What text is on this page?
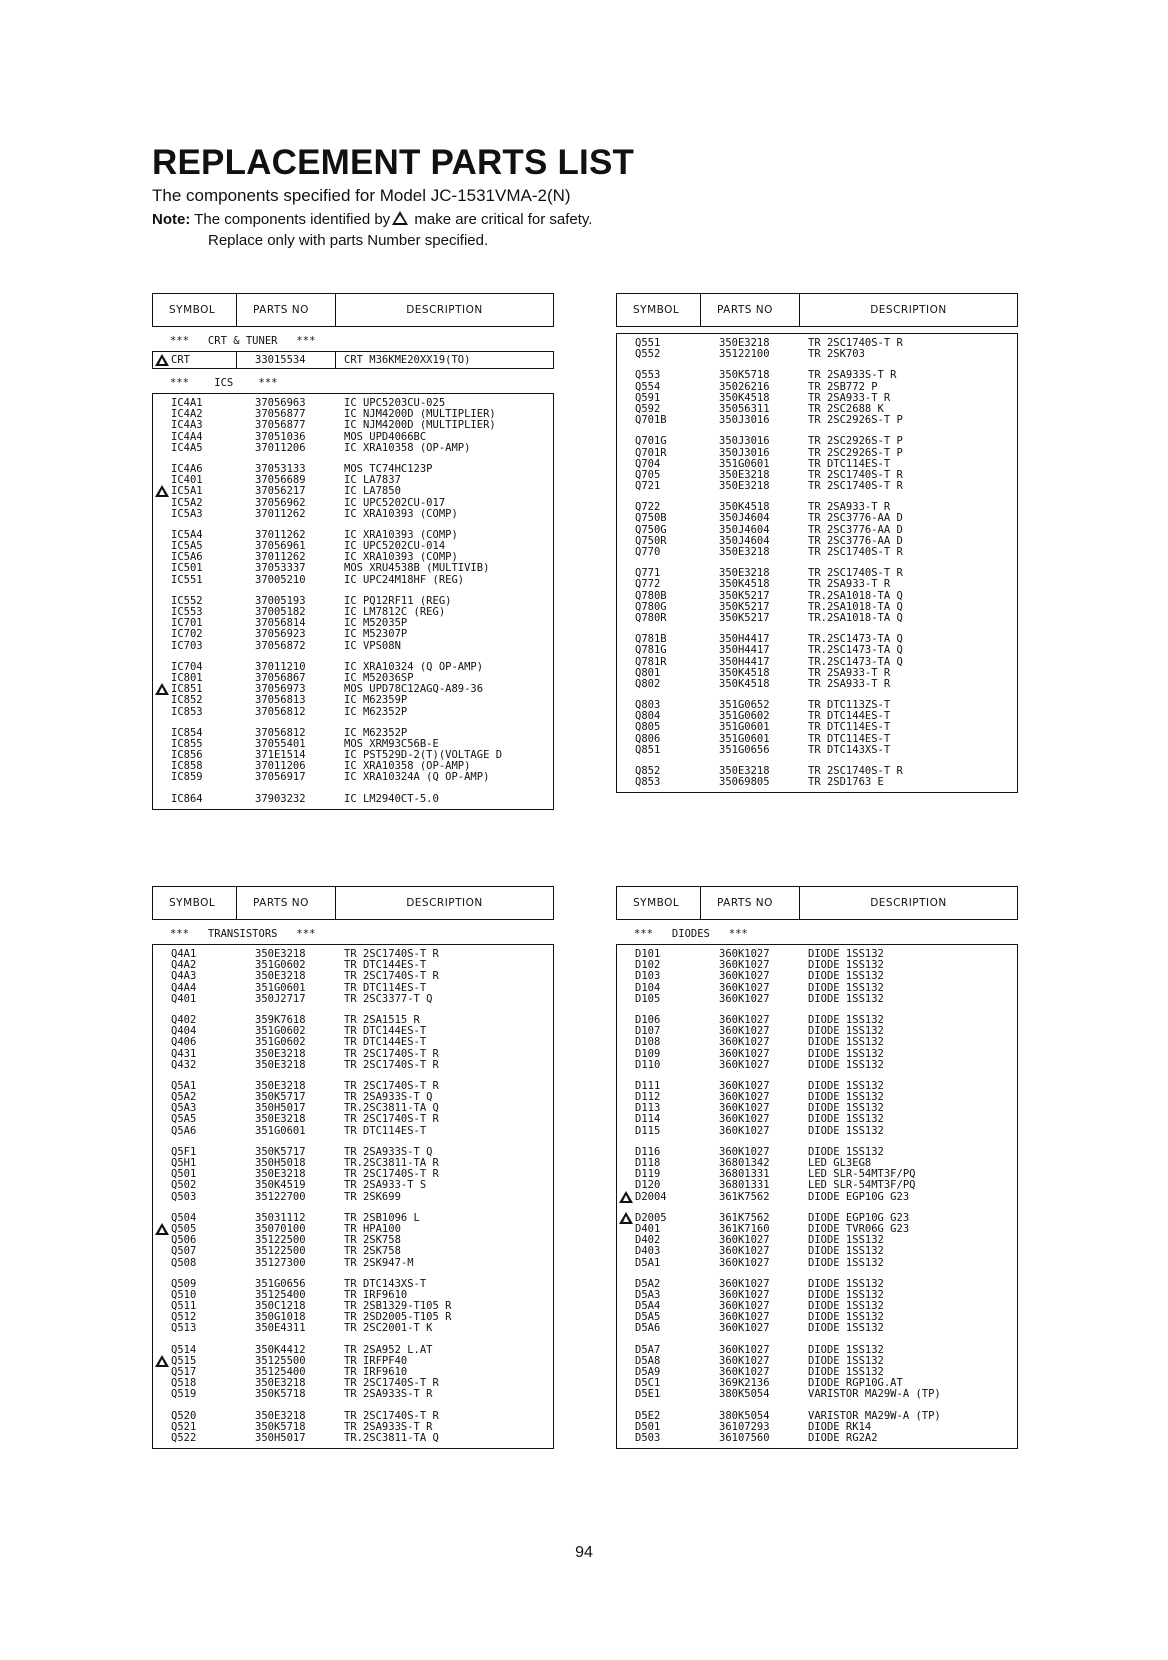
REPLACEMENT PARTS LIST
The components specified for Model JC-1531VMA-2(N)
Note: The components identified by make are critical for safety.
Replace only with parts Number specified.
SYMBOL	PARTS NO	DESCRIPTION
***   CRT & TUNER   ***
CRT	33015534	CRT M36KME20XX19(TO)
***    ICS    ***
IC4A1	37056963	IC UPC5203CU-025
IC4A2	37056877	IC NJM4200D (MULTIPLIER)
IC4A3	37056877	IC NJM4200D (MULTIPLIER)
IC4A4	37051036	MOS UPD4066BC
IC4A5	37011206	IC XRA10358 (OP-AMP)
IC4A6	37053133	MOS TC74HC123P
IC401	37056689	IC LA7837
IC5A1	37056217	IC LA7850
IC5A2	37056962	IC UPC5202CU-017
IC5A3	37011262	IC XRA10393 (COMP)
IC5A4	37011262	IC XRA10393 (COMP)
IC5A5	37056961	IC UPC5202CU-014
IC5A6	37011262	IC XRA10393 (COMP)
IC501	37053337	MOS XRU4538B (MULTIVIB)
IC551	37005210	IC UPC24M18HF (REG)
IC552	37005193	IC PQ12RF11 (REG)
IC553	37005182	IC LM7812C (REG)
IC701	37056814	IC M52035P
IC702	37056923	IC M52307P
IC703	37056872	IC VPS08N
IC704	37011210	IC XRA10324 (Q OP-AMP)
IC801	37056867	IC M52036SP
IC851	37056973	MOS UPD78C12AGQ-A89-36
IC852	37056813	IC M62359P
IC853	37056812	IC M62352P
IC854	37056812	IC M62352P
IC855	37055401	MOS XRM93C56B-E
IC856	371E1514	IC PST529D-2(T)(VOLTAGE D
IC858	37011206	IC XRA10358 (OP-AMP)
IC859	37056917	IC XRA10324A (Q OP-AMP)
IC864	37903232	IC LM2940CT-5.0
SYMBOL	PARTS NO	DESCRIPTION
Q551	350E3218	TR 2SC1740S-T R
Q552	35122100	TR 2SK703
Q553	350K5718	TR 2SA933S-T R
Q554	35026216	TR 2SB772 P
Q591	350K4518	TR 2SA933-T R
Q592	35056311	TR 2SC2688 K
Q701B	350J3016	TR 2SC2926S-T P
Q701G	350J3016	TR 2SC2926S-T P
Q701R	350J3016	TR 2SC2926S-T P
Q704	351G0601	TR DTC114ES-T
Q705	350E3218	TR 2SC1740S-T R
Q721	350E3218	TR 2SC1740S-T R
Q722	350K4518	TR 2SA933-T R
Q750B	350J4604	TR 2SC3776-AA D
Q750G	350J4604	TR 2SC3776-AA D
Q750R	350J4604	TR 2SC3776-AA D
Q770	350E3218	TR 2SC1740S-T R
Q771	350E3218	TR 2SC1740S-T R
Q772	350K4518	TR 2SA933-T R
Q780B	350K5217	TR.2SA1018-TA Q
Q780G	350K5217	TR.2SA1018-TA Q
Q780R	350K5217	TR.2SA1018-TA Q
Q781B	350H4417	TR.2SC1473-TA Q
Q781G	350H4417	TR.2SC1473-TA Q
Q781R	350H4417	TR.2SC1473-TA Q
Q801	350K4518	TR 2SA933-T R
Q802	350K4518	TR 2SA933-T R
Q803	351G0652	TR DTC113ZS-T
Q804	351G0602	TR DTC144ES-T
Q805	351G0601	TR DTC114ES-T
Q806	351G0601	TR DTC114ES-T
Q851	351G0656	TR DTC143XS-T
Q852	350E3218	TR 2SC1740S-T R
Q853	35069805	TR 2SD1763 E
SYMBOL	PARTS NO	DESCRIPTION
***   TRANSISTORS   ***
Q4A1	350E3218	TR 2SC1740S-T R
Q4A2	351G0602	TR DTC144ES-T
Q4A3	350E3218	TR 2SC1740S-T R
Q4A4	351G0601	TR DTC114ES-T
Q401	350J2717	TR 2SC3377-T Q
Q402	359K7618	TR 2SA1515 R
Q404	351G0602	TR DTC144ES-T
Q406	351G0602	TR DTC144ES-T
Q431	350E3218	TR 2SC1740S-T R
Q432	350E3218	TR 2SC1740S-T R
Q5A1	350E3218	TR 2SC1740S-T R
Q5A2	350K5717	TR 2SA933S-T Q
Q5A3	350H5017	TR.2SC3811-TA Q
Q5A5	350E3218	TR 2SC1740S-T R
Q5A6	351G0601	TR DTC114ES-T
Q5F1	350K5717	TR 2SA933S-T Q
Q5H1	350H5018	TR.2SC3811-TA R
Q501	350E3218	TR 2SC1740S-T R
Q502	350K4519	TR 2SA933-T S
Q503	35122700	TR 2SK699
Q504	35031112	TR 2SB1096 L
Q505	35070100	TR HPA100
Q506	35122500	TR 2SK758
Q507	35122500	TR 2SK758
Q508	35127300	TR 2SK947-M
Q509	351G0656	TR DTC143XS-T
Q510	35125400	TR IRF9610
Q511	350C1218	TR 2SB1329-T105 R
Q512	350G1018	TR 2SD2005-T105 R
Q513	350E4311	TR 2SC2001-T K
Q514	350K4412	TR 2SA952 L.AT
Q515	35125500	TR IRFPF40
Q517	35125400	TR IRF9610
Q518	350E3218	TR 2SC1740S-T R
Q519	350K5718	TR 2SA933S-T R
Q520	350E3218	TR 2SC1740S-T R
Q521	350K5718	TR 2SA933S-T R
Q522	350H5017	TR.2SC3811-TA Q
SYMBOL	PARTS NO	DESCRIPTION
***   DIODES   ***
D101	360K1027	DIODE 1SS132
D102	360K1027	DIODE 1SS132
D103	360K1027	DIODE 1SS132
D104	360K1027	DIODE 1SS132
D105	360K1027	DIODE 1SS132
D106	360K1027	DIODE 1SS132
D107	360K1027	DIODE 1SS132
D108	360K1027	DIODE 1SS132
D109	360K1027	DIODE 1SS132
D110	360K1027	DIODE 1SS132
D111	360K1027	DIODE 1SS132
D112	360K1027	DIODE 1SS132
D113	360K1027	DIODE 1SS132
D114	360K1027	DIODE 1SS132
D115	360K1027	DIODE 1SS132
D116	360K1027	DIODE 1SS132
D118	36801342	LED GL3EG8
D119	36801331	LED SLR-54MT3F/PQ
D120	36801331	LED SLR-54MT3F/PQ
D2004	361K7562	DIODE EGP10G G23
D2005	361K7562	DIODE EGP10G G23
D401	361K7160	DIODE TVR06G G23
D402	360K1027	DIODE 1SS132
D403	360K1027	DIODE 1SS132
D5A1	360K1027	DIODE 1SS132
D5A2	360K1027	DIODE 1SS132
D5A3	360K1027	DIODE 1SS132
D5A4	360K1027	DIODE 1SS132
D5A5	360K1027	DIODE 1SS132
D5A6	360K1027	DIODE 1SS132
D5A7	360K1027	DIODE 1SS132
D5A8	360K1027	DIODE 1SS132
D5A9	360K1027	DIODE 1SS132
D5C1	369K2136	DIODE RGP10G.AT
D5E1	380K5054	VARISTOR MA29W-A (TP)
D5E2	380K5054	VARISTOR MA29W-A (TP)
D501	36107293	DIODE RK14
D503	36107560	DIODE RG2A2
94
